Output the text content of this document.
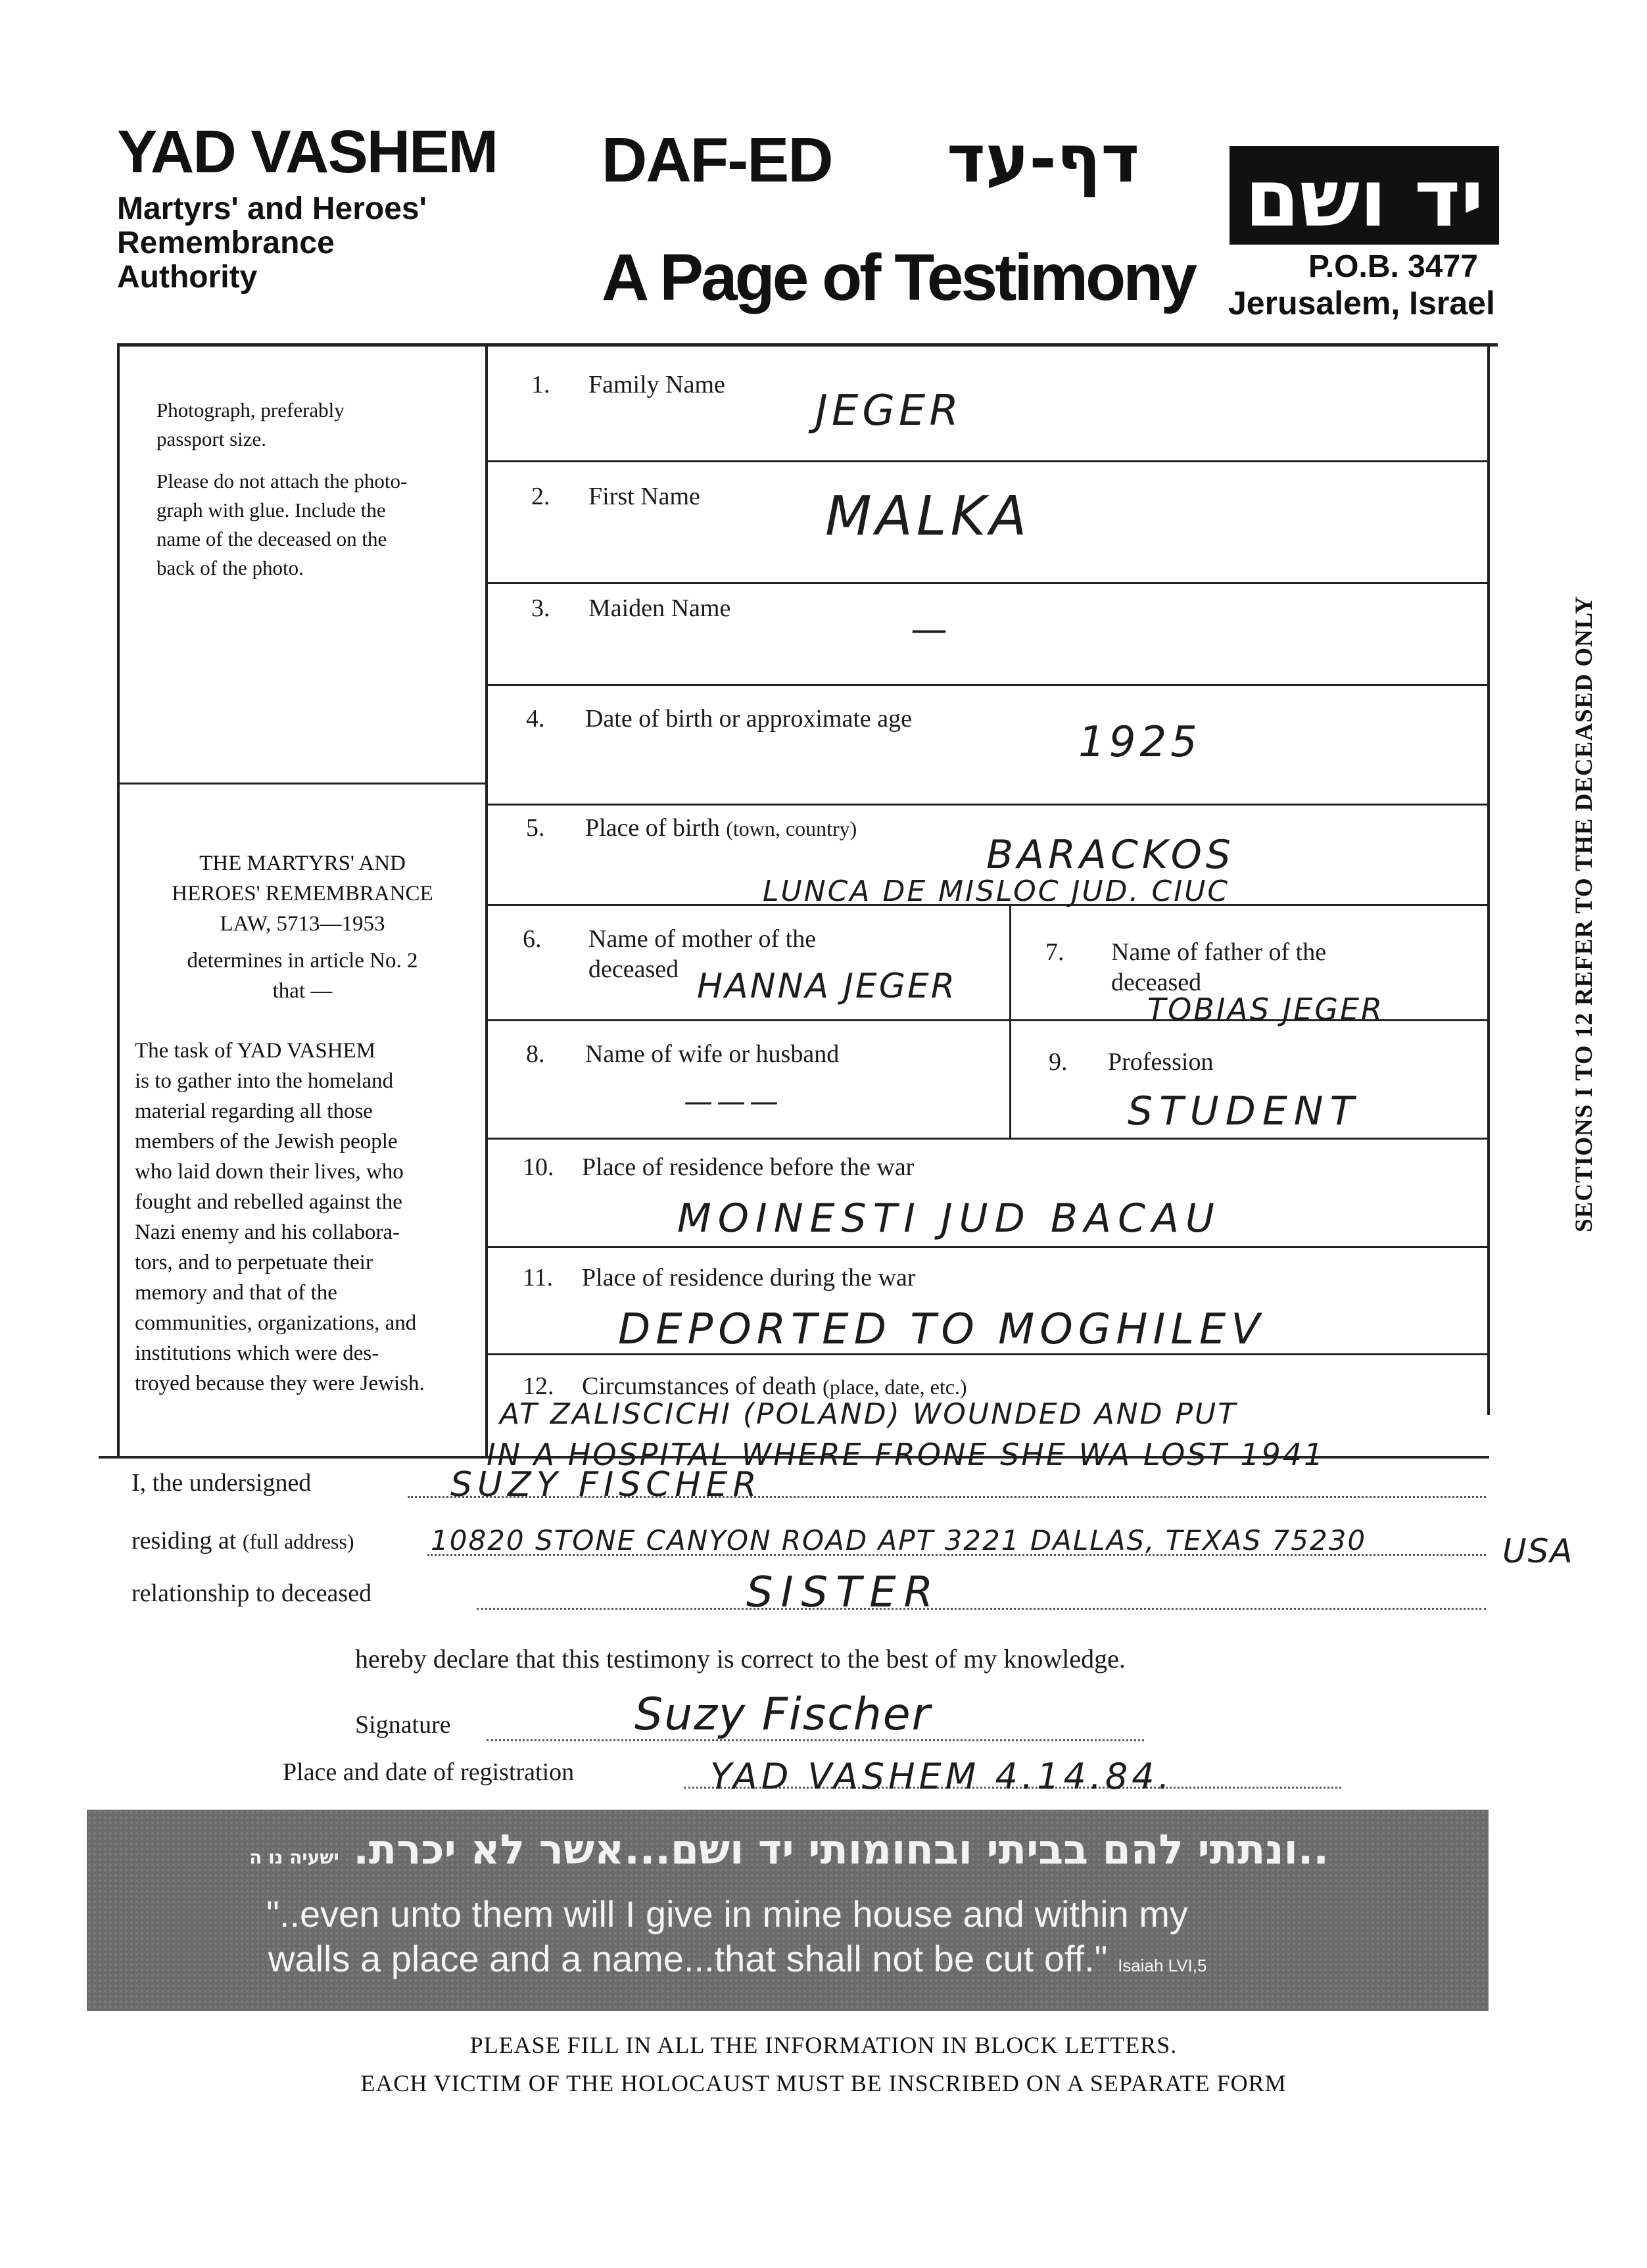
YAD VASHEM
Martyrs' and Heroes'
Remembrance
Authority
DAF-ED דף-עד
A Page of Testimony
יד ושם
P.O.B. 3477
Jerusalem, Israel
Photograph, preferably
passport size.
Please do not attach the photo-
graph with glue. Include the
name of the deceased on the
back of the photo.
THE MARTYRS' AND
HEROES' REMEMBRANCE
LAW, 5713—1953
determines in article No. 2
that —
The task of YAD VASHEM
is to gather into the homeland
material regarding all those
members of the Jewish people
who laid down their lives, who
fought and rebelled against the
Nazi enemy and his collabora-
tors, and to perpetuate their
memory and that of the
communities, organizations, and
institutions which were des-
troyed because they were Jewish.
1. Family Name
JEGER
2. First Name MALKA
3. Maiden Name	—
4. Date of birth or approximate age	1925
5. Place of birth (town, country)
BARACKOS
LUNCA DE MISLOC JUD. CIUC
6. Name of mother of the
deceased HANNA JEGER
7. Name of father of the
deceased
TOBIAS JEGER
8. Name of wife or husband
———
9. Profession
STUDENT
10. Place of residence before the war
MOINESTI JUD BACAU
11. Place of residence during the war
DEPORTED TO MOGHILEV
12. Circumstances of death (place, date, etc.)
AT ZALISCICHI (POLAND) WOUNDED AND PUT
IN A HOSPITAL WHERE FRONE SHE WA LOST 1941
SECTIONS I TO 12 REFER TO THE DECEASED ONLY
I, the undersigned	SUZY FISCHER
residing at (full address)	10820 STONE CANYON ROAD APT 3221 DALLAS, TEXAS 75230	USA
relationship to deceased	SISTER
hereby declare that this testimony is correct to the best of my knowledge.
Signature	Suzy Fischer
Place and date of registration	YAD VASHEM 4.14.84.
..ונתתי להם בביתי ובחומותי יד ושם...אשר לא יכרת. ישעיה נו ה
"..even unto them will I give in mine house and within my
walls a place and a name...that shall not be cut off." Isaiah LVI,5
PLEASE FILL IN ALL THE INFORMATION IN BLOCK LETTERS.
EACH VICTIM OF THE HOLOCAUST MUST BE INSCRIBED ON A SEPARATE FORM
